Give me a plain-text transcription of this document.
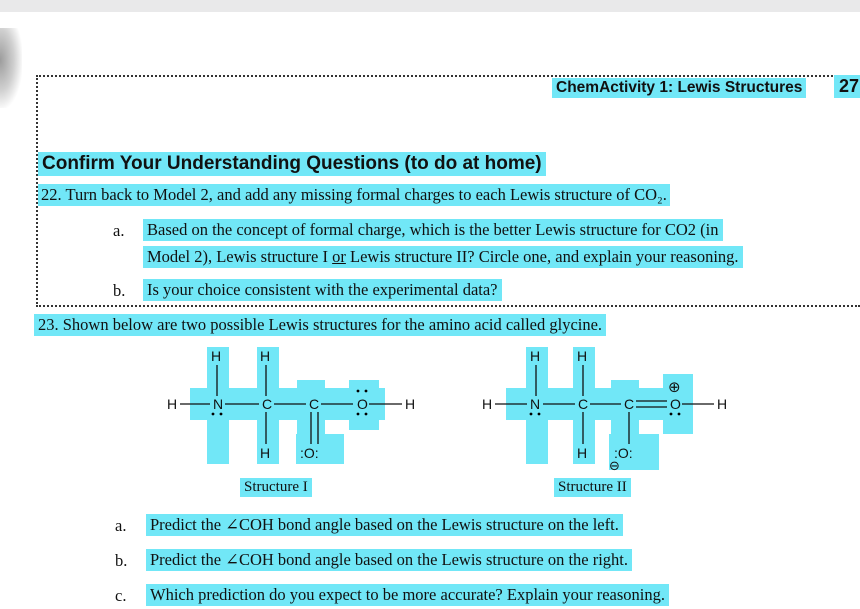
ChemActivity 1: Lewis Structures 27
Confirm Your Understanding Questions (to do at home)
22. Turn back to Model 2, and add any missing formal charges to each Lewis structure of CO₂.
a. Based on the concept of formal charge, which is the better Lewis structure for CO2 (in
Model 2), Lewis structure I or Lewis structure II? Circle one, and explain your reasoning.
b. Is your choice consistent with the experimental data?
23. Shown below are two possible Lewis structures for the amino acid called glycine.
H	H
H	N	C	C	O	H
H :O:
H	H
H	N	C	C	O	H
⊕
H :O:
⊖
Structure I	Structure II
a. Predict the ∠COH bond angle based on the Lewis structure on the left.
b. Predict the ∠COH bond angle based on the Lewis structure on the right.
c. Which prediction do you expect to be more accurate? Explain your reasoning.
